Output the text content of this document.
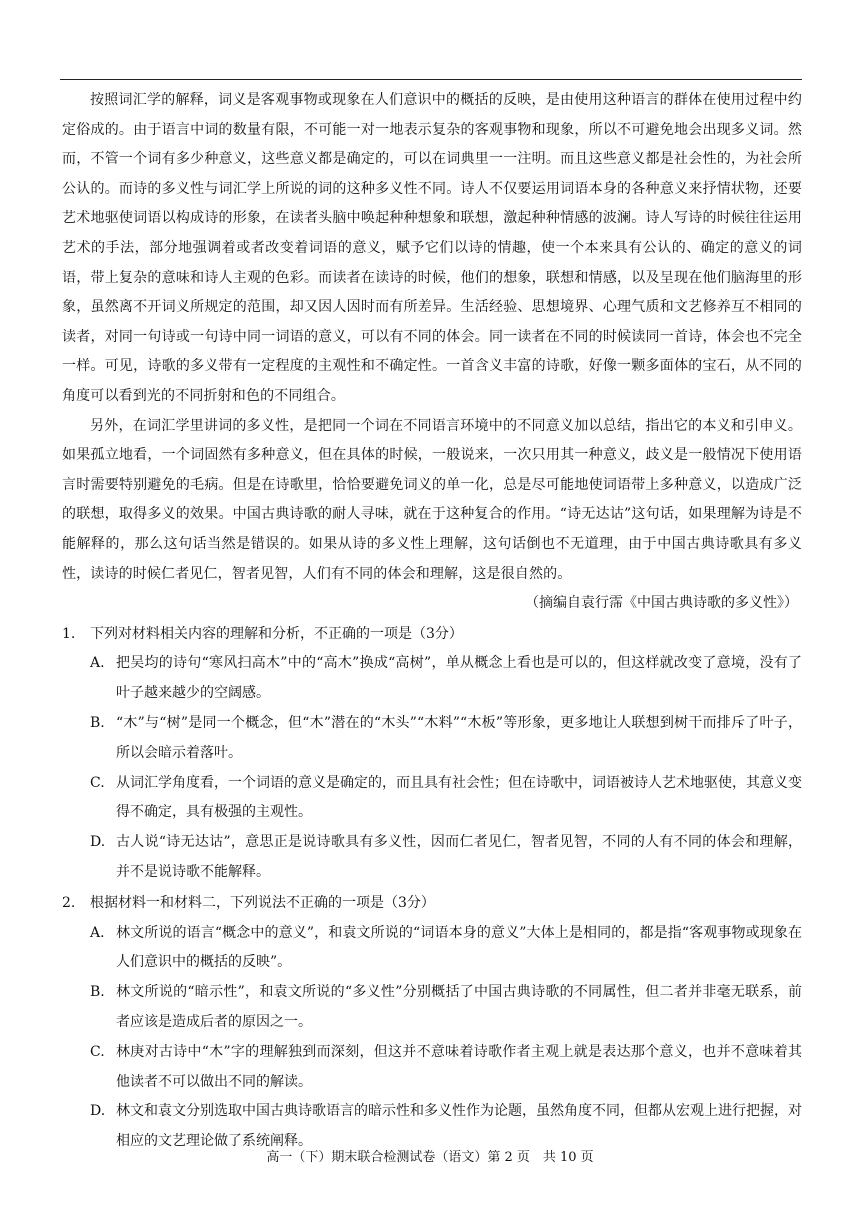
按照词汇学的解释，词义是客观事物或现象在人们意识中的概括的反映，是由使用这种语言的群体在使用过程中约定俗成的。由于语言中词的数量有限，不可能一对一地表示复杂的客观事物和现象，所以不可避免地会出现多义词。然而，不管一个词有多少种意义，这些意义都是确定的，可以在词典里一一注明。而且这些意义都是社会性的，为社会所公认的。而诗的多义性与词汇学上所说的词的这种多义性不同。诗人不仅要运用词语本身的各种意义来抒情状物，还要艺术地驱使词语以构成诗的形象，在读者头脑中唤起种种想象和联想，激起种种情感的波澜。诗人写诗的时候往往运用艺术的手法，部分地强调着或者改变着词语的意义，赋予它们以诗的情趣，使一个本来具有公认的、确定的意义的词语，带上复杂的意味和诗人主观的色彩。而读者在读诗的时候，他们的想象，联想和情感，以及呈现在他们脑海里的形象，虽然离不开词义所规定的范围，却又因人因时而有所差异。生活经验、思想境界、心理气质和文艺修养互不相同的读者，对同一句诗或一句诗中同一词语的意义，可以有不同的体会。同一读者在不同的时候读同一首诗，体会也不完全一样。可见，诗歌的多义带有一定程度的主观性和不确定性。一首含义丰富的诗歌，好像一颗多面体的宝石，从不同的角度可以看到光的不同折射和色的不同组合。

另外，在词汇学里讲词的多义性，是把同一个词在不同语言环境中的不同意义加以总结，指出它的本义和引申义。如果孤立地看，一个词固然有多种意义，但在具体的时候，一般说来，一次只用其一种意义，歧义是一般情况下使用语言时需要特别避免的毛病。但是在诗歌里，恰恰要避免词义的单一化，总是尽可能地使词语带上多种意义，以造成广泛的联想，取得多义的效果。中国古典诗歌的耐人寻味，就在于这种复合的作用。“诗无达诂”这句话，如果理解为诗是不能解释的，那么这句话当然是错误的。如果从诗的多义性上理解，这句话倒也不无道理，由于中国古典诗歌具有多义性，读诗的时候仁者见仁，智者见智，人们有不同的体会和理解，这是很自然的。

（摘编自袁行霈《中国古典诗歌的多义性》）

1. 下列对材料相关内容的理解和分析，不正确的一项是（3分）
A. 把吴均的诗句“寒风扫高木”中的“高木”换成“高树”，单从概念上看也是可以的，但这样就改变了意境，没有了叶子越来越少的空阔感。
B. “木”与“树”是同一个概念，但“木”潜在的“木头”“木料”“木板”等形象，更多地让人联想到树干而排斥了叶子，所以会暗示着落叶。
C. 从词汇学角度看，一个词语的意义是确定的，而且具有社会性；但在诗歌中，词语被诗人艺术地驱使，其意义变得不确定，具有极强的主观性。
D. 古人说“诗无达诂”，意思正是说诗歌具有多义性，因而仁者见仁，智者见智，不同的人有不同的体会和理解，并不是说诗歌不能解释。
2. 根据材料一和材料二，下列说法不正确的一项是（3分）
A. 林文所说的语言“概念中的意义”，和袁文所说的“词语本身的意义”大体上是相同的，都是指“客观事物或现象在人们意识中的概括的反映”。
B. 林文所说的“暗示性”，和袁文所说的“多义性”分别概括了中国古典诗歌的不同属性，但二者并非毫无联系，前者应该是造成后者的原因之一。
C. 林庚对古诗中“木”字的理解独到而深刻，但这并不意味着诗歌作者主观上就是表达那个意义，也并不意味着其他读者不可以做出不同的解读。
D. 林文和袁文分别选取中国古典诗歌语言的暗示性和多义性作为论题，虽然角度不同，但都从宏观上进行把握，对相应的文艺理论做了系统阐释。
高一（下）期末联合检测试卷（语文）第 2 页　共 10 页
